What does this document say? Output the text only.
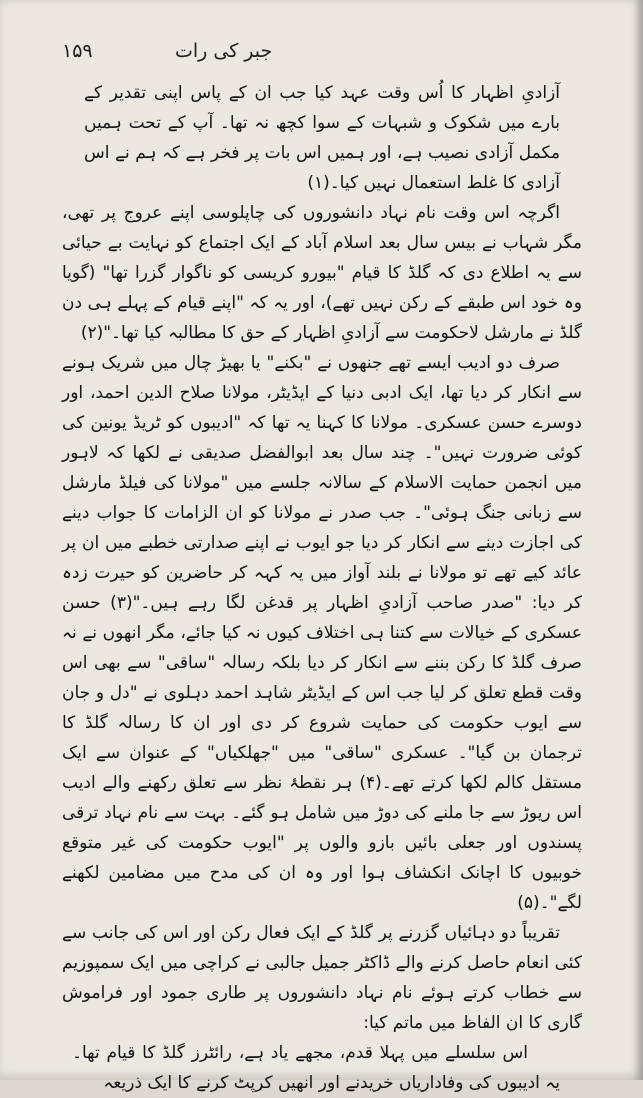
۱۵۹	جبر کی رات

آزادیِ اظہار کا اُس وقت عہد کیا جب ان کے پاس اپنی تقدیر کے بارے میں شکوک و شبہات کے سوا کچھ نہ تھا۔ آپ کے تحت ہمیں مکمل آزادی نصیب ہے، اور ہمیں اس بات پر فخر ہے کہ ہم نے اس آزادی کا غلط استعمال نہیں کیا۔(۱)

اگرچہ اس وقت نام نہاد دانشوروں کی چاپلوسی اپنے عروج پر تھی، مگر شہاب نے بیس سال بعد اسلام آباد کے ایک اجتماع کو نہایت بے حیائی سے یہ اطلاع دی کہ گلڈ کا قیام "بیورو کریسی کو ناگوار گزرا تھا" (گویا وہ خود اس طبقے کے رکن نہیں تھے)، اور یہ کہ "اپنے قیام کے پہلے ہی دن گلڈ نے مارشل لاحکومت سے آزادیِ اظہار کے حق کا مطالبہ کیا تھا۔"(۲)

صرف دو ادیب ایسے تھے جنھوں نے "بکنے" یا بھیڑ چال میں شریک ہونے سے انکار کر دیا تھا، ایک ادبی دنیا کے ایڈیٹر، مولانا صلاح الدین احمد، اور دوسرے حسن عسکری۔ مولانا کا کہنا یہ تھا کہ "ادیبوں کو ٹریڈ یونین کی کوئی ضرورت نہیں"۔ چند سال بعد ابوالفضل صدیقی نے لکھا کہ لاہور میں انجمن حمایت الاسلام کے سالانہ جلسے میں "مولانا کی فیلڈ مارشل سے زبانی جنگ ہوئی"۔ جب صدر نے مولانا کو ان الزامات کا جواب دینے کی اجازت دینے سے انکار کر دیا جو ایوب نے اپنے صدارتی خطبے میں ان پر عائد کیے تھے تو مولانا نے بلند آواز میں یہ کہہ کر حاضرین کو حیرت زدہ کر دیا: "صدر صاحب آزادیِ اظہار پر قدغن لگا رہے ہیں۔"(۳) حسن عسکری کے خیالات سے کتنا ہی اختلاف کیوں نہ کیا جائے، مگر انھوں نے نہ صرف گلڈ کا رکن بننے سے انکار کر دیا بلکہ رسالہ "ساقی" سے بھی اس وقت قطع تعلق کر لیا جب اس کے ایڈیٹر شاہد احمد دہلوی نے "دل و جان سے ایوب حکومت کی حمایت شروع کر دی اور ان کا رسالہ گلڈ کا ترجمان بن گیا"۔ عسکری "ساقی" میں "جھلکیاں" کے عنوان سے ایک مستقل کالم لکھا کرتے تھے۔(۴) ہر نقطۂ نظر سے تعلق رکھنے والے ادیب اس ریوڑ سے جا ملنے کی دوڑ میں شامل ہو گئے۔ بہت سے نام نہاد ترقی پسندوں اور جعلی بائیں بازو والوں پر "ایوب حکومت کی غیر متوقع خوبیوں کا اچانک انکشاف ہوا اور وہ ان کی مدح میں مضامین لکھنے لگے"۔(۵)

تقریباً دو دہائیاں گزرنے پر گلڈ کے ایک فعال رکن اور اس کی جانب سے کئی انعام حاصل کرنے والے ڈاکٹر جمیل جالبی نے کراچی میں ایک سمپوزیم سے خطاب کرتے ہوئے نام نہاد دانشوروں پر طاری جمود اور فراموش گاری کا ان الفاظ میں ماتم کیا:

اس سلسلے میں پہلا قدم، مجھے یاد ہے، رائٹرز گلڈ کا قیام تھا۔ یہ ادیبوں کی وفاداریاں خریدنے اور انھیں کرپٹ کرنے کا ایک ذریعہ
